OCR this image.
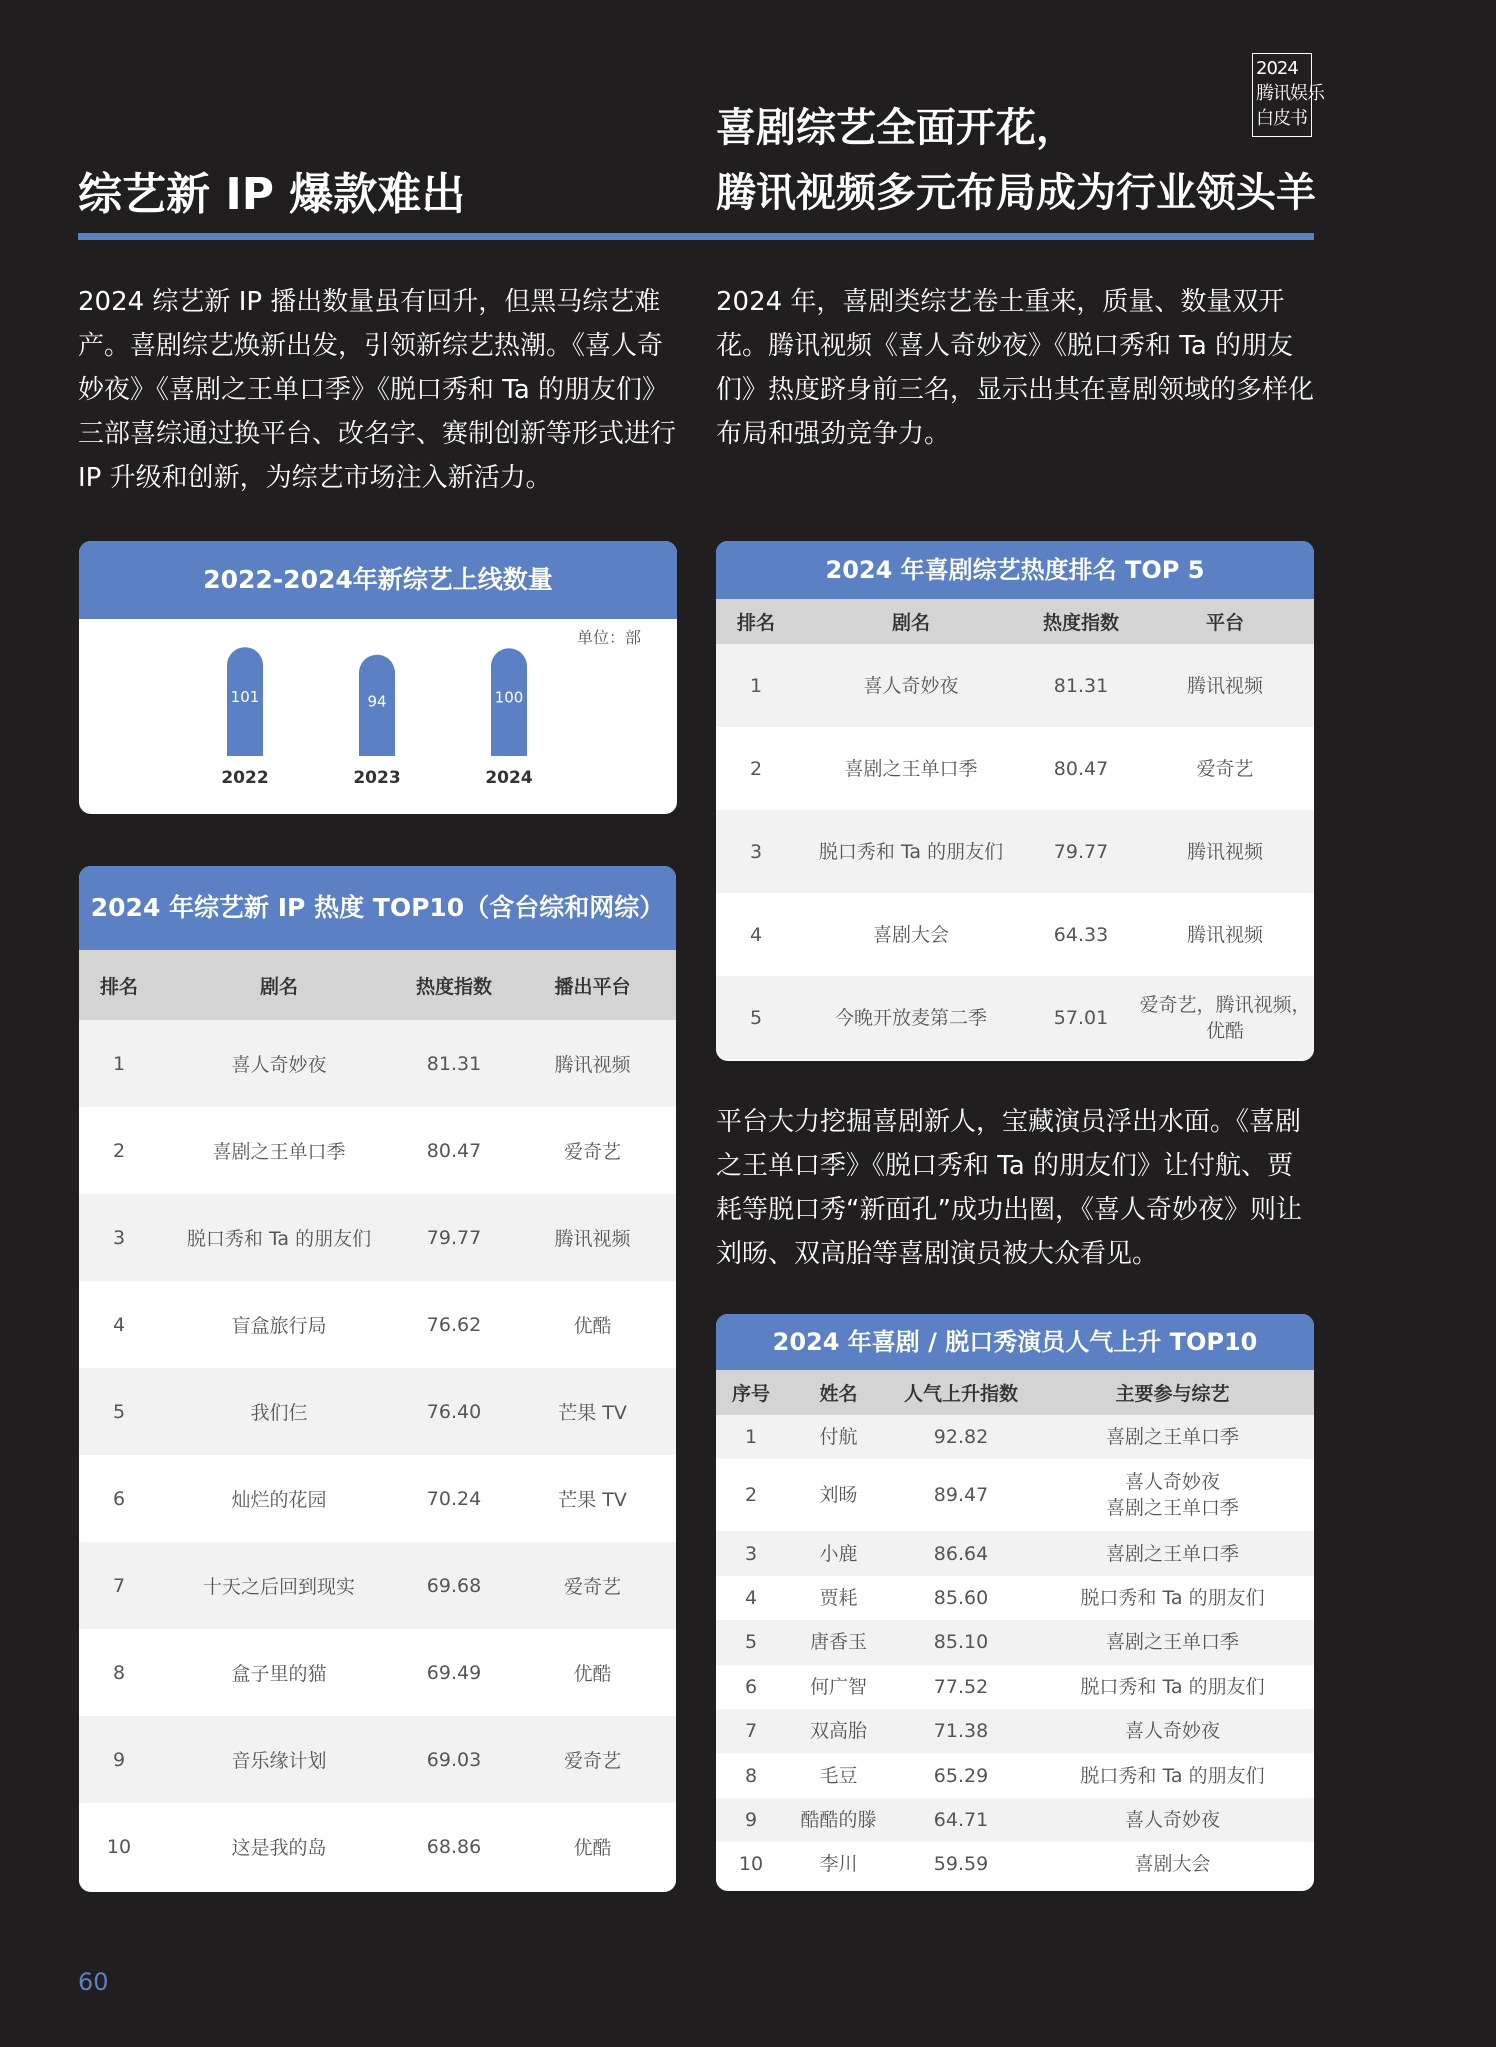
2024
腾讯娱乐
白皮书
综艺新 IP 爆款难出
喜剧综艺全面开花，
腾讯视频多元布局成为行业领头羊
2024 综艺新 IP 播出数量虽有回升，但黑马综艺难产。喜剧综艺焕新出发，引领新综艺热潮。《喜人奇妙夜》《喜剧之王单口季》《脱口秀和 Ta 的朋友们》三部喜综通过换平台、改名字、赛制创新等形式进行 IP 升级和创新，为综艺市场注入新活力。
2024 年，喜剧类综艺卷土重来，质量、数量双开花。腾讯视频《喜人奇妙夜》《脱口秀和 Ta 的朋友们》热度跻身前三名，显示出其在喜剧领域的多样化布局和强劲竞争力。
平台大力挖掘喜剧新人，宝藏演员浮出水面。《喜剧之王单口季》《脱口秀和 Ta 的朋友们》让付航、贾耗等脱口秀“新面孔”成功出圈，《喜人奇妙夜》则让刘旸、双高胎等喜剧演员被大众看见。
2022-2024年新综艺上线数量
单位：部
101
2022
94
2023
100
2024
2024 年综艺新 IP 热度 TOP10（含台综和网综）
排名	剧名	热度指数	播出平台
1	喜人奇妙夜	81.31	腾讯视频
2	喜剧之王单口季	80.47	爱奇艺
3	脱口秀和 Ta 的朋友们	79.77	腾讯视频
4	盲盒旅行局	76.62	优酷
5	我们仨	76.40	芒果 TV
6	灿烂的花园	70.24	芒果 TV
7	十天之后回到现实	69.68	爱奇艺
8	盒子里的猫	69.49	优酷
9	音乐缘计划	69.03	爱奇艺
10	这是我的岛	68.86	优酷
2024 年喜剧综艺热度排名 TOP 5
排名	剧名	热度指数	平台
1	喜人奇妙夜	81.31	腾讯视频
2	喜剧之王单口季	80.47	爱奇艺
3	脱口秀和 Ta 的朋友们	79.77	腾讯视频
4	喜剧大会	64.33	腾讯视频
5	今晚开放麦第二季	57.01	爱奇艺，腾讯视频，
优酷
2024 年喜剧 / 脱口秀演员人气上升 TOP10
序号	姓名	人气上升指数	主要参与综艺
1	付航	92.82	喜剧之王单口季
2	刘旸	89.47	喜人奇妙夜
喜剧之王单口季
3	小鹿	86.64	喜剧之王单口季
4	贾耗	85.60	脱口秀和 Ta 的朋友们
5	唐香玉	85.10	喜剧之王单口季
6	何广智	77.52	脱口秀和 Ta 的朋友们
7	双高胎	71.38	喜人奇妙夜
8	毛豆	65.29	脱口秀和 Ta 的朋友们
9	酷酷的滕	64.71	喜人奇妙夜
10	李川	59.59	喜剧大会
60
